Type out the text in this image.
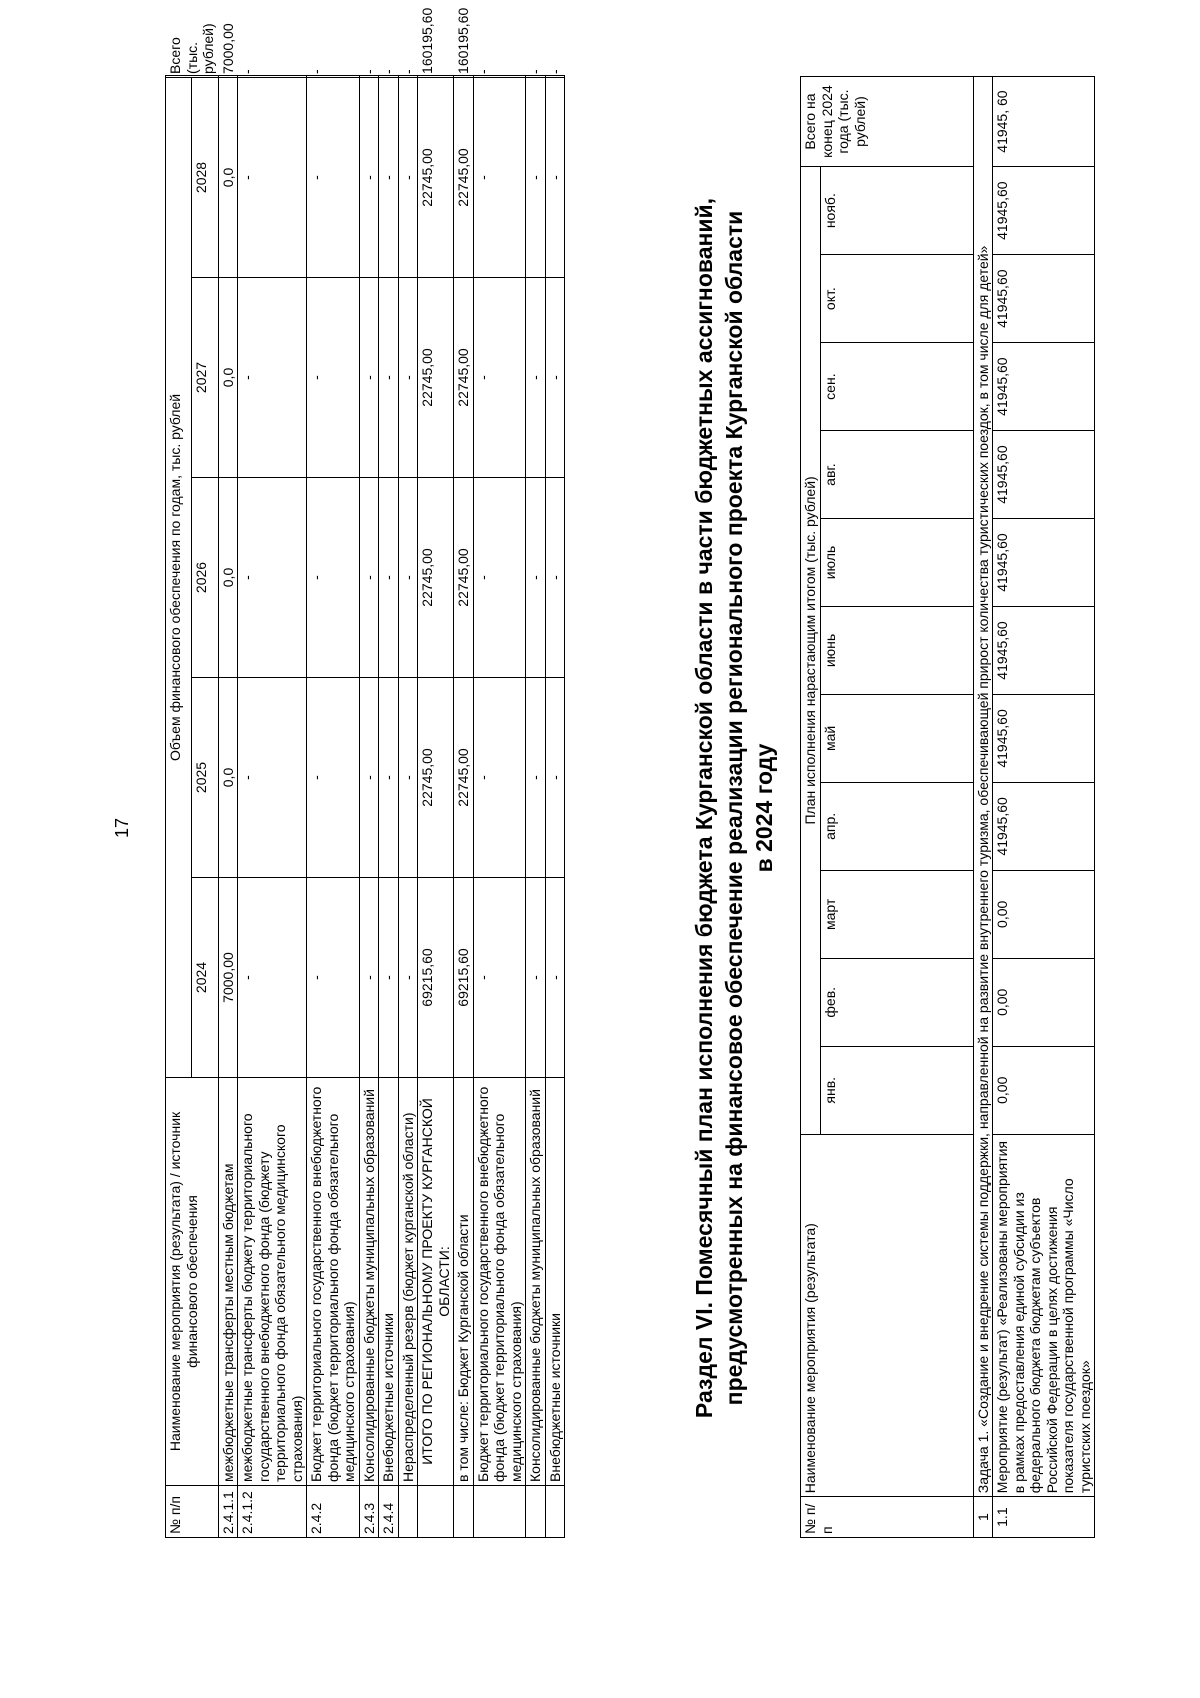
17
№ п/п	Наименование мероприятия (результата) / источник финансового обеспечения	Объем финансового обеспечения по годам, тыс. рублей					Всего (тыс. рублей)
		2024	2025	2026	2027	2028	
2.4.1.1	межбюджетные трансферты местным бюджетам	7000,00	0,0	0,0	0,0	0,0	7000,00
2.4.1.2	межбюджетные трансферты бюджету территориального государственного внебюджетного фонда (бюджету территориального фонда обязательного медицинского страхования)	-	-	-	-	-	-
2.4.2	Бюджет территориального государственного внебюджетного фонда (бюджет территориального фонда обязательного медицинского страхования)	-	-	-	-	-	-
2.4.3	Консолидированные бюджеты муниципальных образований	-	-	-	-	-	-
2.4.4	Внебюджетные источники	-	-	-	-	-	-
	Нераспределенный резерв (бюджет курганской области)	-	-	-	-	-	-
	ИТОГО ПО РЕГИОНАЛЬНОМУ ПРОЕКТУ КУРГАНСКОЙ ОБЛАСТИ:	69215,60	22745,00	22745,00	22745,00	22745,00	160195,60
	в том числе: Бюджет Курганской области	69215,60	22745,00	22745,00	22745,00	22745,00	160195,60
	Бюджет территориального государственного внебюджетного фонда (бюджет территориального фонда обязательного медицинского страхования)	-	-	-	-	-	-
	Консолидированные бюджеты муниципальных образований	-	-	-	-	-	-
	Внебюджетные источники	-	-	-	-	-	-
Раздел VI. Помесячный план исполнения бюджета Курганской области в части бюджетных ассигнований, предусмотренных на финансовое обеспечение реализации регионального проекта Курганской области в 2024 году
№ п/п	Наименование мероприятия (результата)	План исполнения нарастающим итогом (тыс. рублей)											Всего на конец 2024 года (тыс. рублей)
		янв.	фев.	март	апр.	май	июнь	июль	авг.	сен.	окт.	нояб.	
1	Задача 1. «Создание и внедрение системы поддержки, направленной на развитие внутреннего туризма, обеспечивающей прирост количества туристических поездок, в том числе для детей»												
1.1	Мероприятие (результат) «Реализованы мероприятия в рамках предоставления единой субсидии из федерального бюджета бюджетам субъектов Российской Федерации в целях достижения показателя государственной программы «Число туристских поездок»	0,00	0,00	0,00	41945,60	41945,60	41945,60	41945,60	41945,60	41945,60	41945,60	41945,60	41945, 60
